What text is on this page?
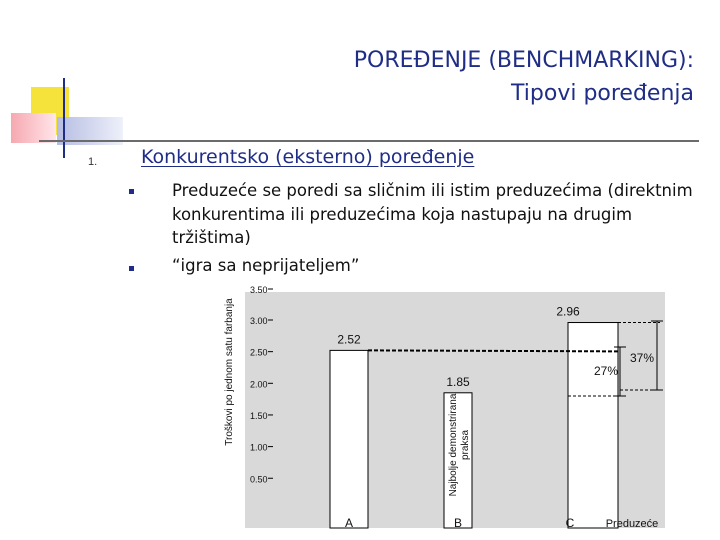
POREĐENJE (BENCHMARKING):
Tipovi poređenja
1. Konkurentsko (eksterno) poređenje
Preduzeće se poredi sa sličnim ili istim preduzećima (direktnim
konkurentima ili preduzećima koja nastupaju na drugim
tržištima)
“igra sa neprijateljem”
3.50
3.00
2.50
2.00
1.50
1.00
0.50
2.52
A
1.85
B
2.96
C
Troškovi po jednom satu farbanja
Preduzeće
Najbolje demonstrirana praksa
27%
37%
